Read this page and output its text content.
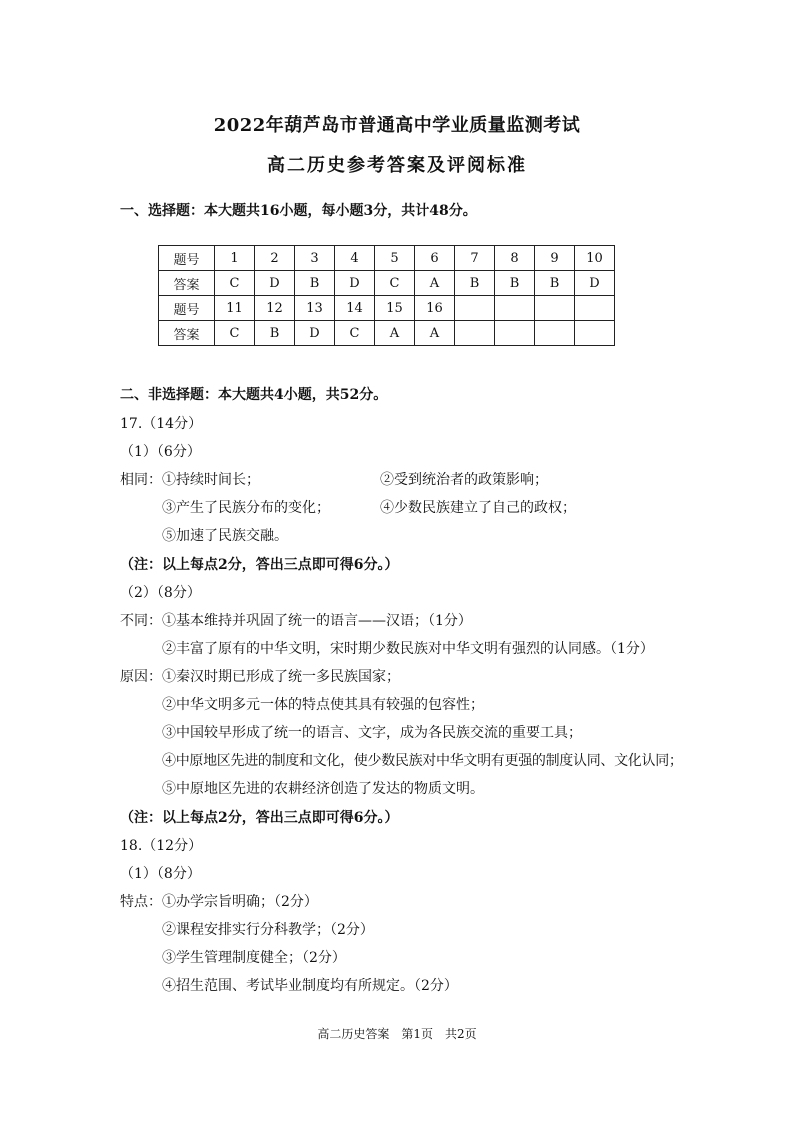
2022年葫芦岛市普通高中学业质量监测考试
高二历史参考答案及评阅标准
一、选择题：本大题共16小题，每小题3分，共计48分。
题号	1	2	3	4	5	6	7	8	9	10
答案	C	D	B	D	C	A	B	B	B	D
题号	11	12	13	14	15	16				
答案	C	B	D	C	A	A				
二、非选择题：本大题共4小题，共52分。
17.（14分）
（1）（6分）
相同：①持续时间长；	②受到统治者的政策影响；
③产生了民族分布的变化；	④少数民族建立了自己的政权；
⑤加速了民族交融。
（注：以上每点2分，答出三点即可得6分。）
（2）（8分）
不同：①基本维持并巩固了统一的语言——汉语；（1分）
②丰富了原有的中华文明，宋时期少数民族对中华文明有强烈的认同感。（1分）
原因：①秦汉时期已形成了统一多民族国家；
②中华文明多元一体的特点使其具有较强的包容性；
③中国较早形成了统一的语言、文字，成为各民族交流的重要工具；
④中原地区先进的制度和文化，使少数民族对中华文明有更强的制度认同、文化认同；
⑤中原地区先进的农耕经济创造了发达的物质文明。
（注：以上每点2分，答出三点即可得6分。）
18.（12分）
（1）（8分）
特点：①办学宗旨明确；（2分）
②课程安排实行分科教学；（2分）
③学生管理制度健全；（2分）
④招生范围、考试毕业制度均有所规定。（2分）
高二历史答案　第1页　共2页
